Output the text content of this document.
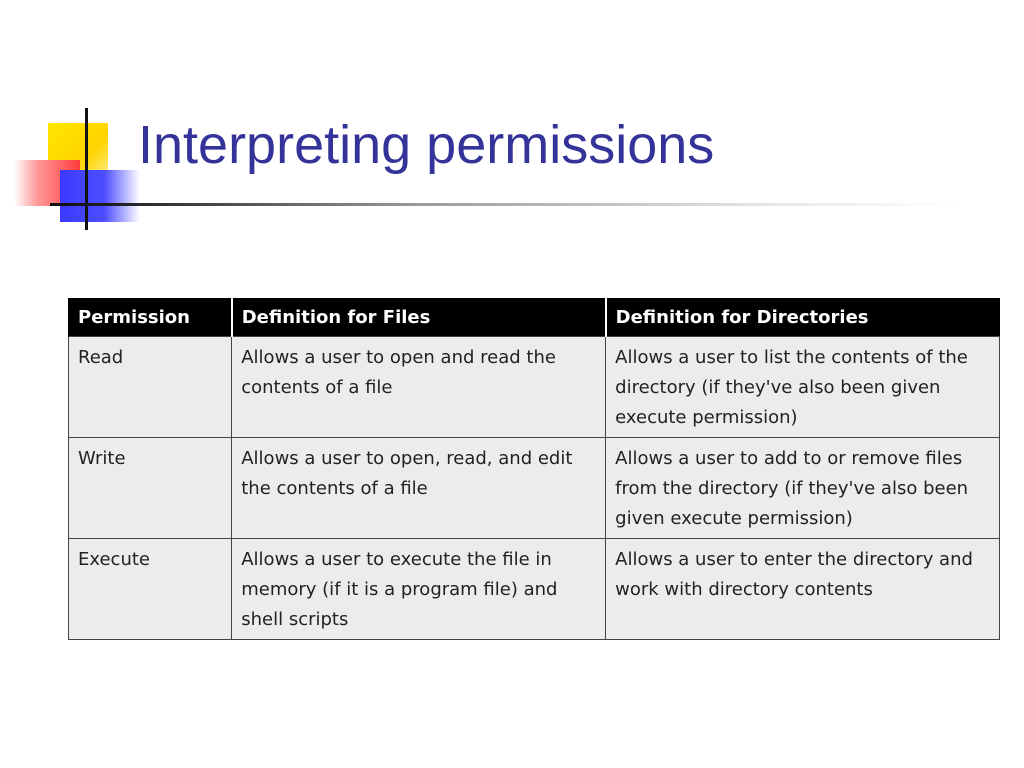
Interpreting permissions
Permission	Definition for Files	Definition for Directories
Read	Allows a user to open and read the contents of a file	Allows a user to list the contents of the directory (if they've also been given execute permission)
Write	Allows a user to open, read, and edit the contents of a file	Allows a user to add to or remove files from the directory (if they've also been given execute permission)
Execute	Allows a user to execute the file in memory (if it is a program file) and shell scripts	Allows a user to enter the directory and work with directory contents
